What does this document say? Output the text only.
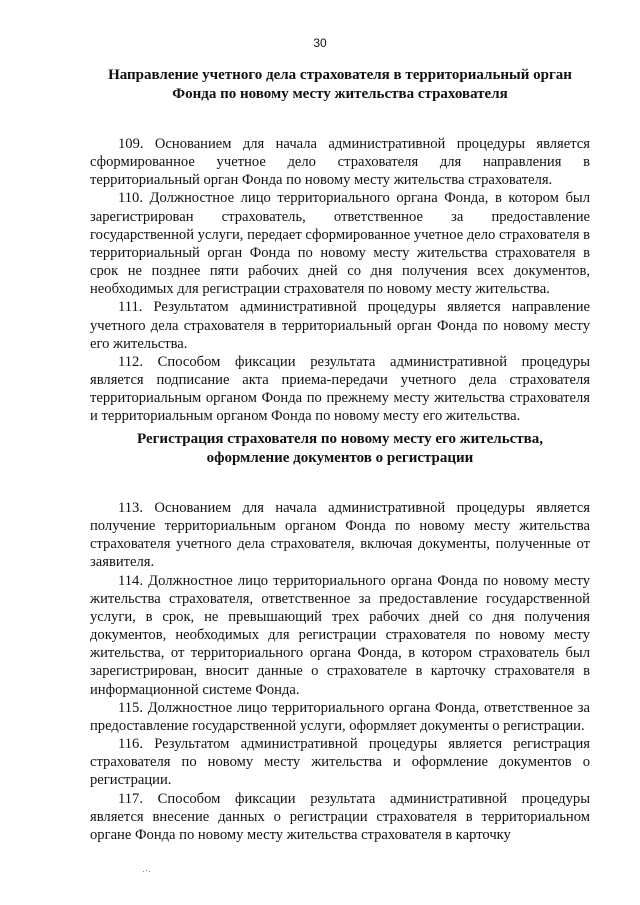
30

Направление учетного дела страхователя в территориальный орган
Фонда по новому месту жительства страхователя

109. Основанием для начала административной процедуры является сформированное учетное дело страхователя для направления в территориальный орган Фонда по новому месту жительства страхователя.

110. Должностное лицо территориального органа Фонда, в котором был зарегистрирован страхователь, ответственное за предоставление государственной услуги, передает сформированное учетное дело страхователя в территориальный орган Фонда по новому месту жительства страхователя в срок не позднее пяти рабочих дней со дня получения всех документов, необходимых для регистрации страхователя по новому месту жительства.

111. Результатом административной процедуры является направление учетного дела страхователя в территориальный орган Фонда по новому месту его жительства.

112. Способом фиксации результата административной процедуры является подписание акта приема-передачи учетного дела страхователя территориальным органом Фонда по прежнему месту жительства страхователя и территориальным органом Фонда по новому месту его жительства.

Регистрация страхователя по новому месту его жительства,
оформление документов о регистрации

113. Основанием для начала административной процедуры является получение территориальным органом Фонда по новому месту жительства страхователя учетного дела страхователя, включая документы, полученные от заявителя.

114. Должностное лицо территориального органа Фонда по новому месту жительства страхователя, ответственное за предоставление государственной услуги, в срок, не превышающий трех рабочих дней со дня получения документов, необходимых для регистрации страхователя по новому месту жительства, от территориального органа Фонда, в котором страхователь был зарегистрирован, вносит данные о страхователе в карточку страхователя в информационной системе Фонда.

115. Должностное лицо территориального органа Фонда, ответственное за предоставление государственной услуги, оформляет документы о регистрации.

116. Результатом административной процедуры является регистрация страхователя по новому месту жительства и оформление документов о регистрации.

117. Способом фиксации результата административной процедуры является внесение данных о регистрации страхователя в территориальном органе Фонда по новому месту жительства страхователя в карточку
